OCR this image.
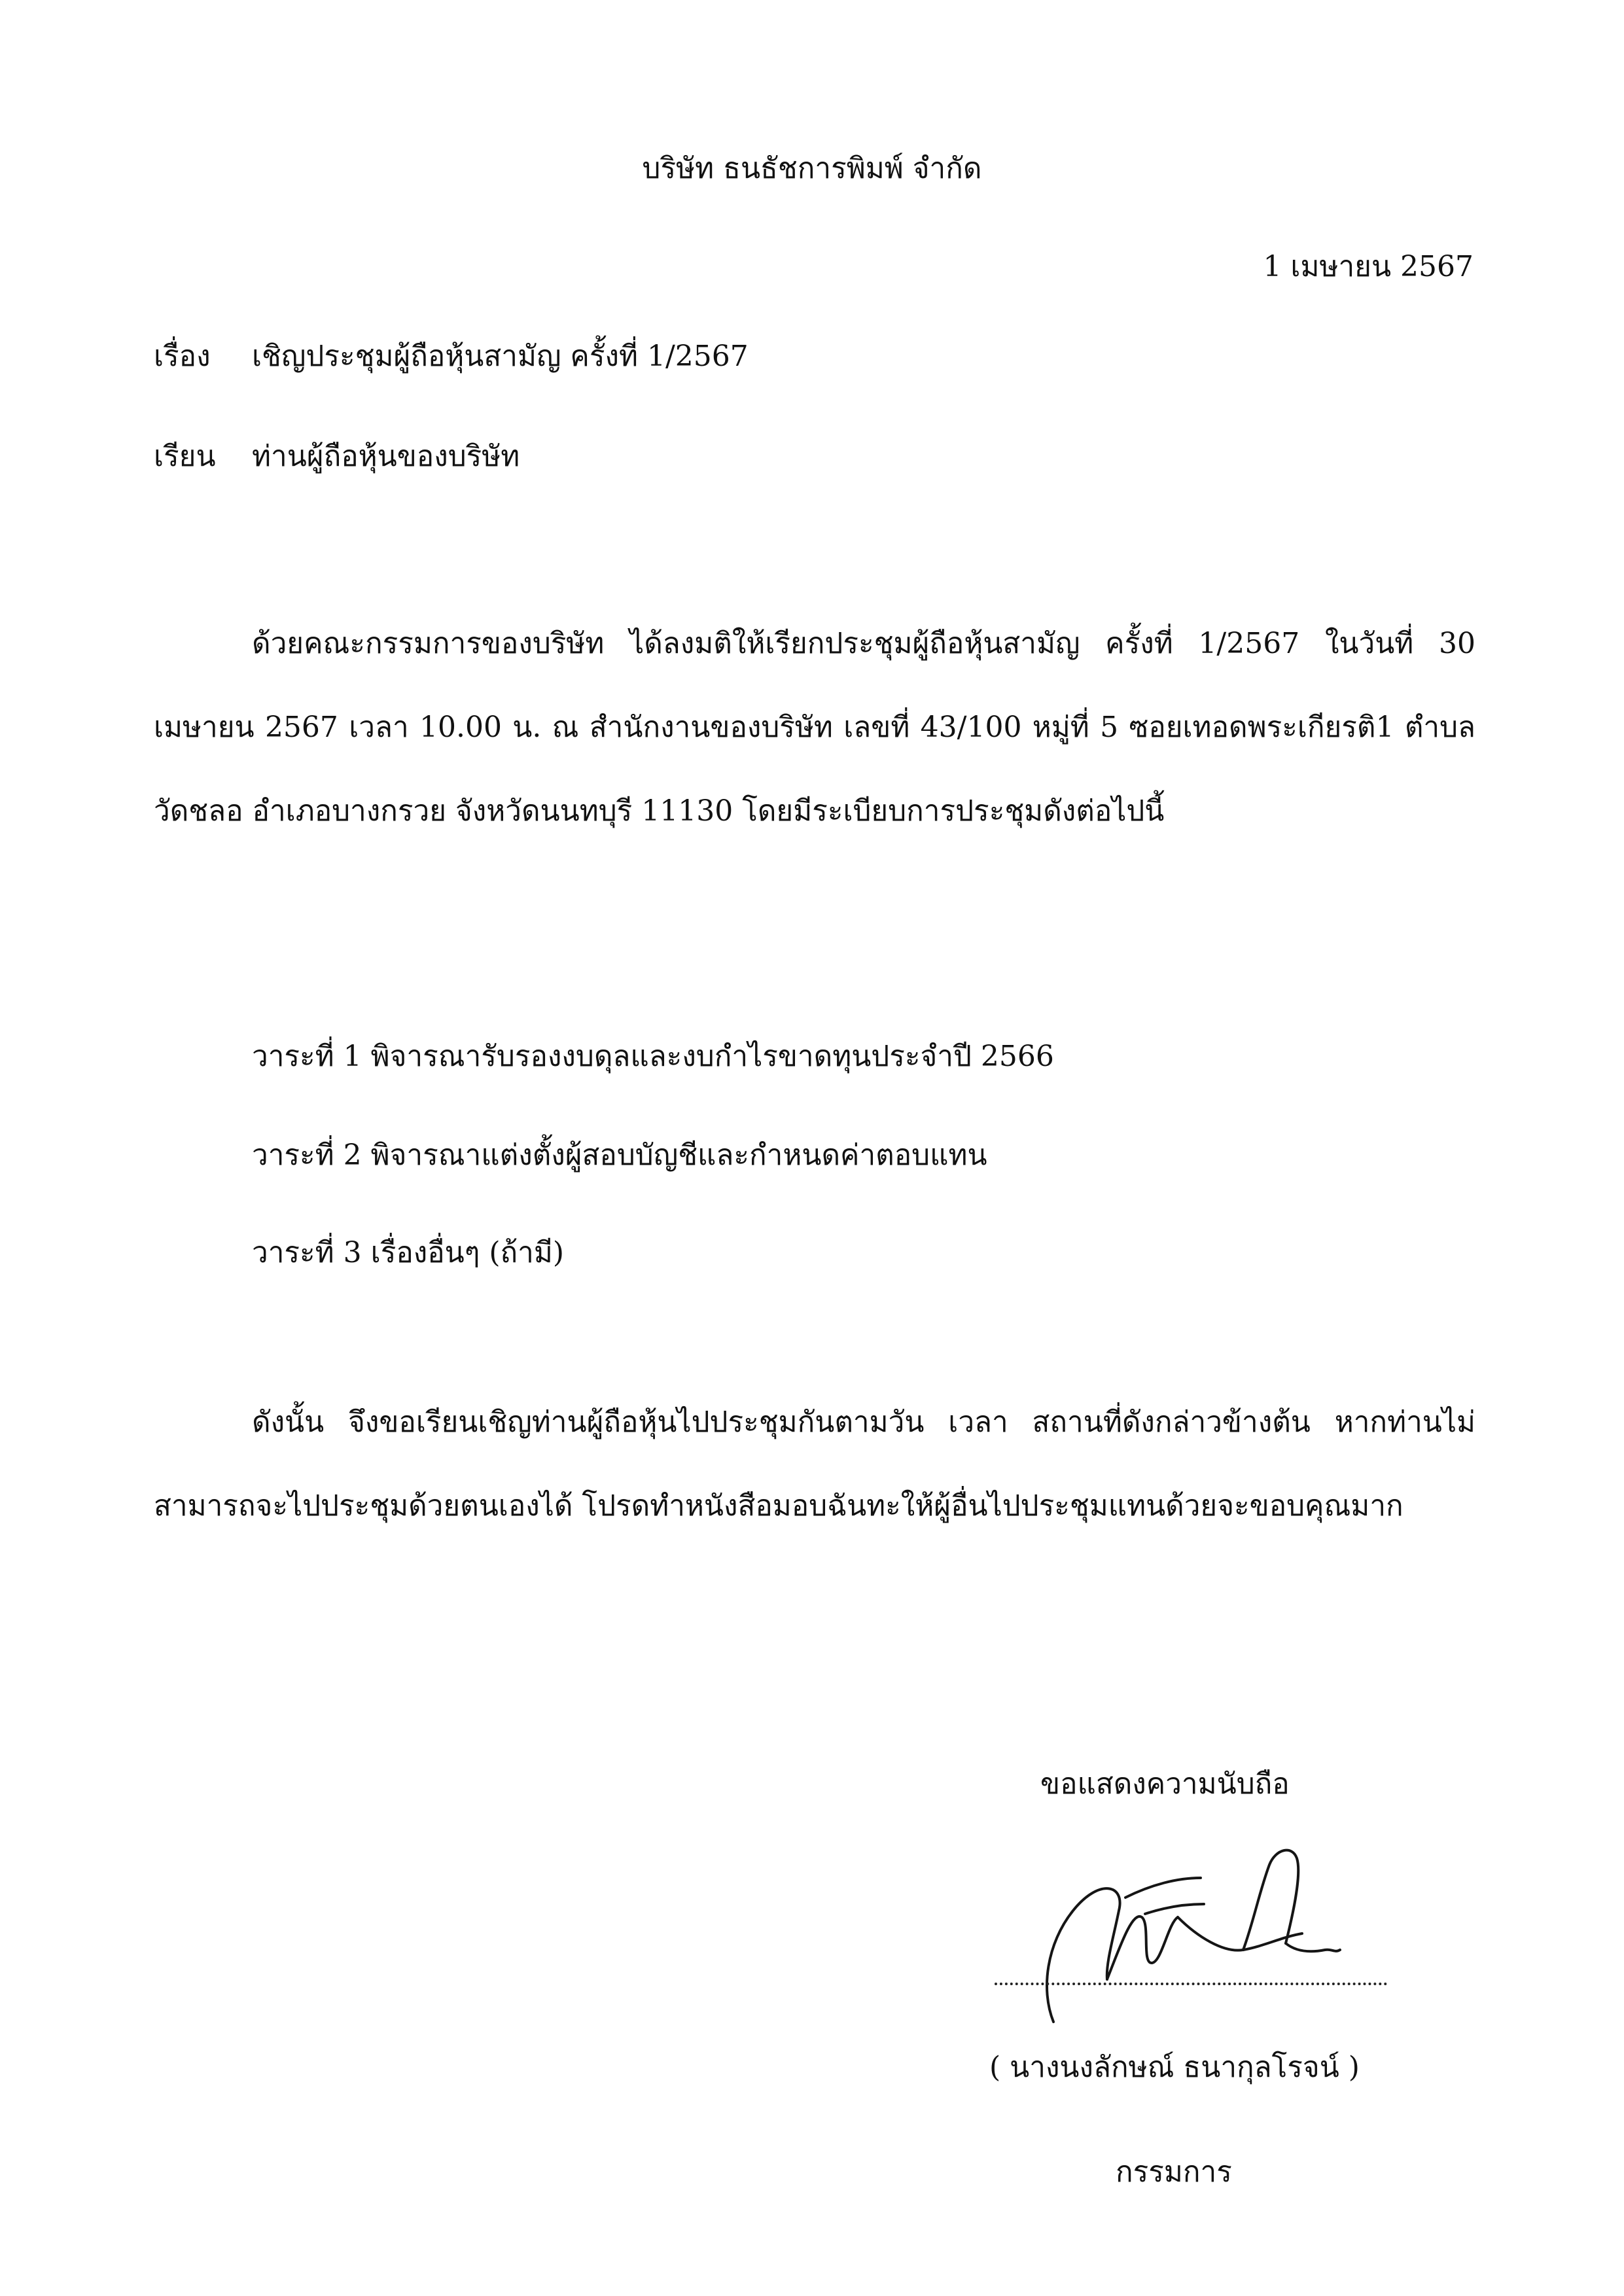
บริษัท ธนธัชการพิมพ์ จำกัด
1 เมษายน 2567
เรื่อง เชิญประชุมผู้ถือหุ้นสามัญ ครั้งที่ 1/2567
เรียน ท่านผู้ถือหุ้นของบริษัท
ด้วยคณะกรรมการของบริษัท ได้ลงมติให้เรียกประชุมผู้ถือหุ้นสามัญ ครั้งที่ 1/2567 ในวันที่ 30 เมษายน 2567 เวลา 10.00 น. ณ สำนักงานของบริษัท เลขที่ 43/100 หมู่ที่ 5 ซอยเทอดพระเกียรติ1 ตำบลวัดชลอ อำเภอบางกรวย จังหวัดนนทบุรี 11130 โดยมีระเบียบการประชุมดังต่อไปนี้
วาระที่ 1 พิจารณารับรองงบดุลและงบกำไรขาดทุนประจำปี 2566
วาระที่ 2 พิจารณาแต่งตั้งผู้สอบบัญชีและกำหนดค่าตอบแทน
วาระที่ 3 เรื่องอื่นๆ (ถ้ามี)
ดังนั้น จึงขอเรียนเชิญท่านผู้ถือหุ้นไปประชุมกันตามวัน เวลา สถานที่ดังกล่าวข้างต้น หากท่านไม่สามารถจะไปประชุมด้วยตนเองได้ โปรดทำหนังสือมอบฉันทะให้ผู้อื่นไปประชุมแทนด้วยจะขอบคุณมาก
ขอแสดงความนับถือ
( นางนงลักษณ์ ธนากุลโรจน์ )
กรรมการ
